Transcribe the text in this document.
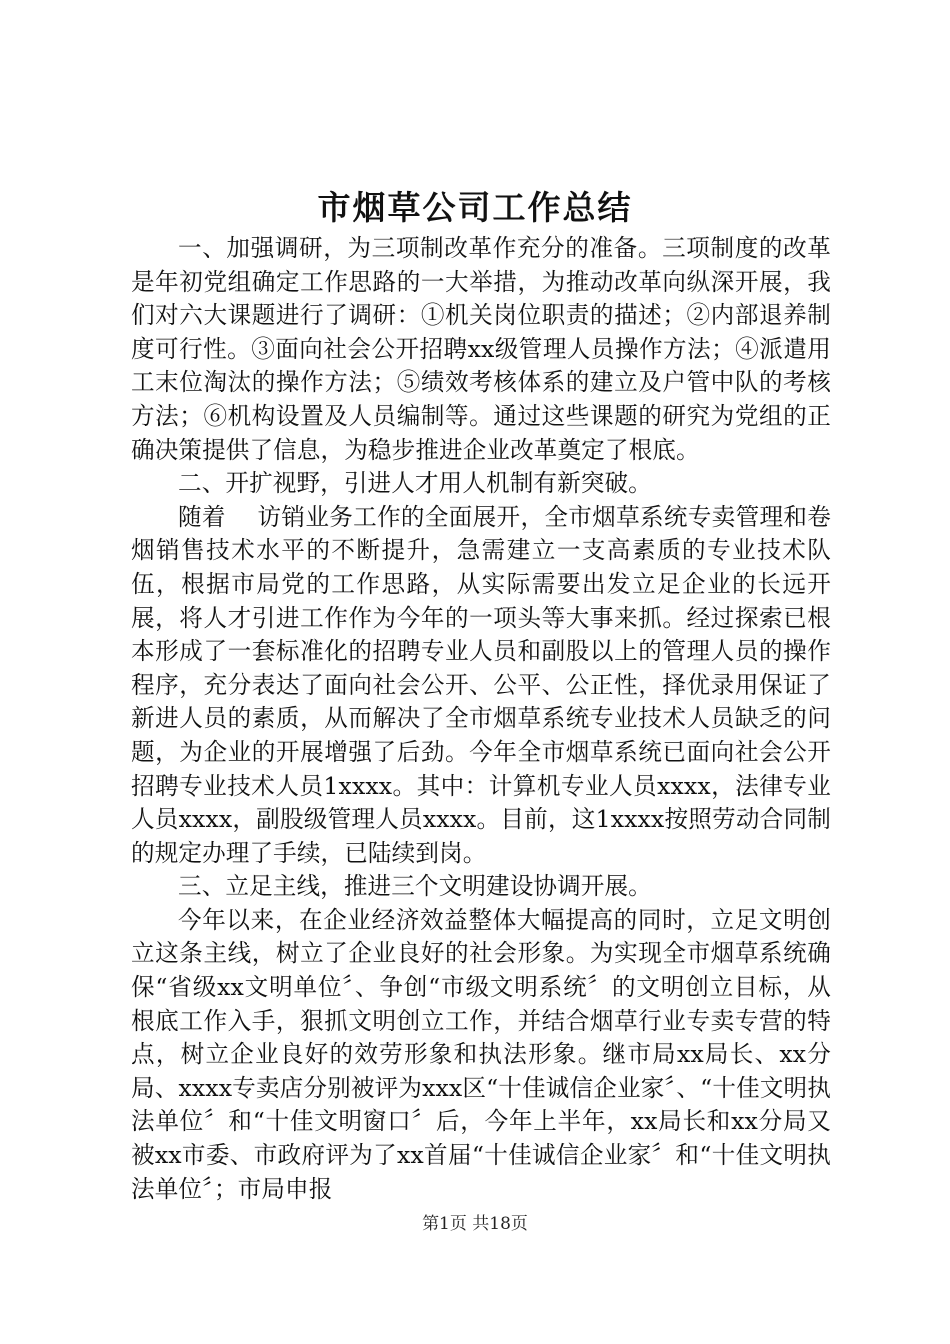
市烟草公司工作总结

一、加强调研，为三项制改革作充分的准备。三项制度的改革是年初党组确定工作思路的一大举措，为推动改革向纵深开展，我们对六大课题进行了调研：①机关岗位职责的描述；②内部退养制度可行性。③面向社会公开招聘xx级管理人员操作方法；④派遣用工末位淘汰的操作方法；⑤绩效考核体系的建立及户管中队的考核方法；⑥机构设置及人员编制等。通过这些课题的研究为党组的正确决策提供了信息，为稳步推进企业改革奠定了根底。

二、开扩视野，引进人才用人机制有新突破。

随着　 访销业务工作的全面展开，全市烟草系统专卖管理和卷烟销售技术水平的不断提升，急需建立一支高素质的专业技术队伍，根据市局党的工作思路，从实际需要出发立足企业的长远开展，将人才引进工作作为今年的一项头等大事来抓。经过探索已根本形成了一套标准化的招聘专业人员和副股以上的管理人员的操作程序，充分表达了面向社会公开、公平、公正性，择优录用保证了新进人员的素质，从而解决了全市烟草系统专业技术人员缺乏的问题，为企业的开展增强了后劲。今年全市烟草系统已面向社会公开招聘专业技术人员1xxxx。其中：计算机专业人员xxxx，法律专业人员xxxx，副股级管理人员xxxx。目前，这1xxxx按照劳动合同制的规定办理了手续，已陆续到岗。

三、立足主线，推进三个文明建设协调开展。

今年以来，在企业经济效益整体大幅提高的同时，立足文明创立这条主线，树立了企业良好的社会形象。为实现全市烟草系统确保“省级xx文明单位〞、争创“市级文明系统〞的文明创立目标，从根底工作入手，狠抓文明创立工作，并结合烟草行业专卖专营的特点，树立企业良好的效劳形象和执法形象。继市局xx局长、xx分局、xxxx专卖店分别被评为xxx区“十佳诚信企业家〞、“十佳文明执法单位〞和“十佳文明窗口〞后，今年上半年，xx局长和xx分局又被xx市委、市政府评为了xx首届“十佳诚信企业家〞和“十佳文明执法单位〞；市局申报

第1页 共18页
